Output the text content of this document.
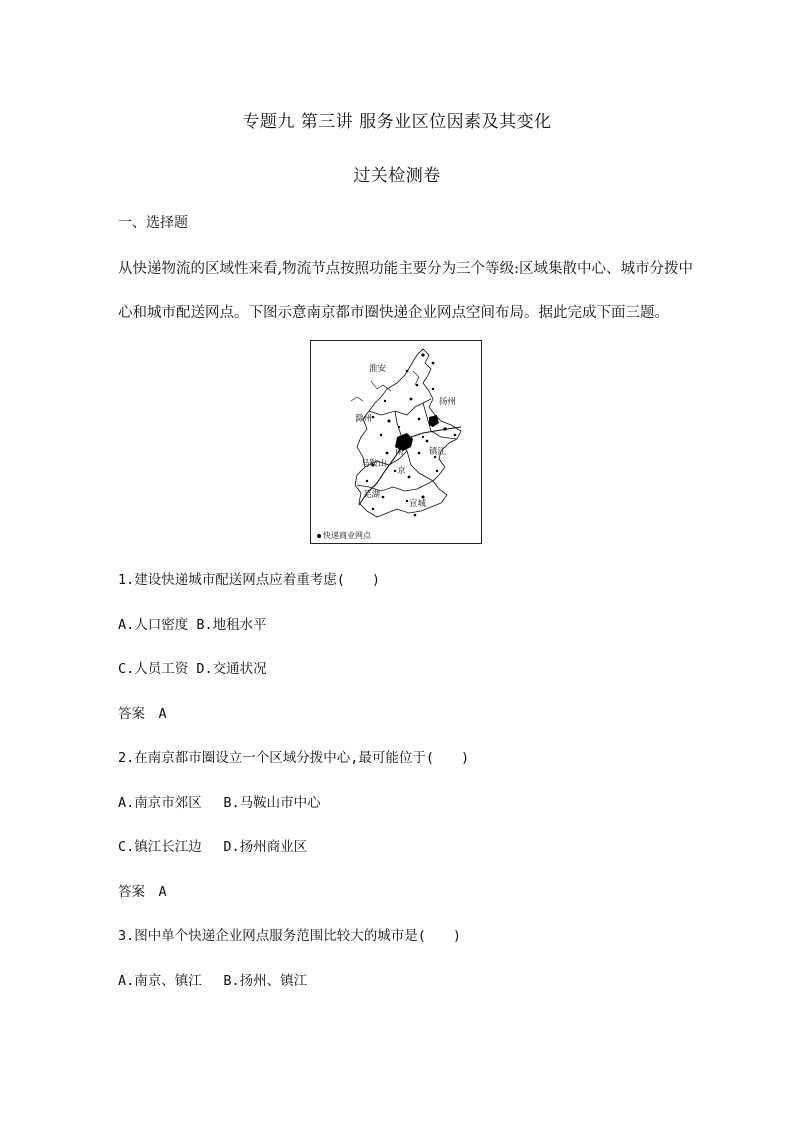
专题九 第三讲 服务业区位因素及其变化
过关检测卷
一、选择题
从快递物流的区域性来看,物流节点按照功能主要分为三个等级:区域集散中心、城市分拨中
心和城市配送网点。下图示意南京都市圈快递企业网点空间布局。据此完成下面三题。
淮安
扬州
滁州
南
京
镇江
马鞍山
芜湖
宣城
快递商业网点
1.建设快递城市配送网点应着重考虑(　　)
A.人口密度 B.地租水平
C.人员工资 D.交通状况
答案　A
2.在南京都市圈设立一个区域分拨中心,最可能位于(　　)
A.南京市郊区　 B.马鞍山市中心
C.镇江长江边　 D.扬州商业区
答案　A
3.图中单个快递企业网点服务范围比较大的城市是(　　)
A.南京、镇江　 B.扬州、镇江
